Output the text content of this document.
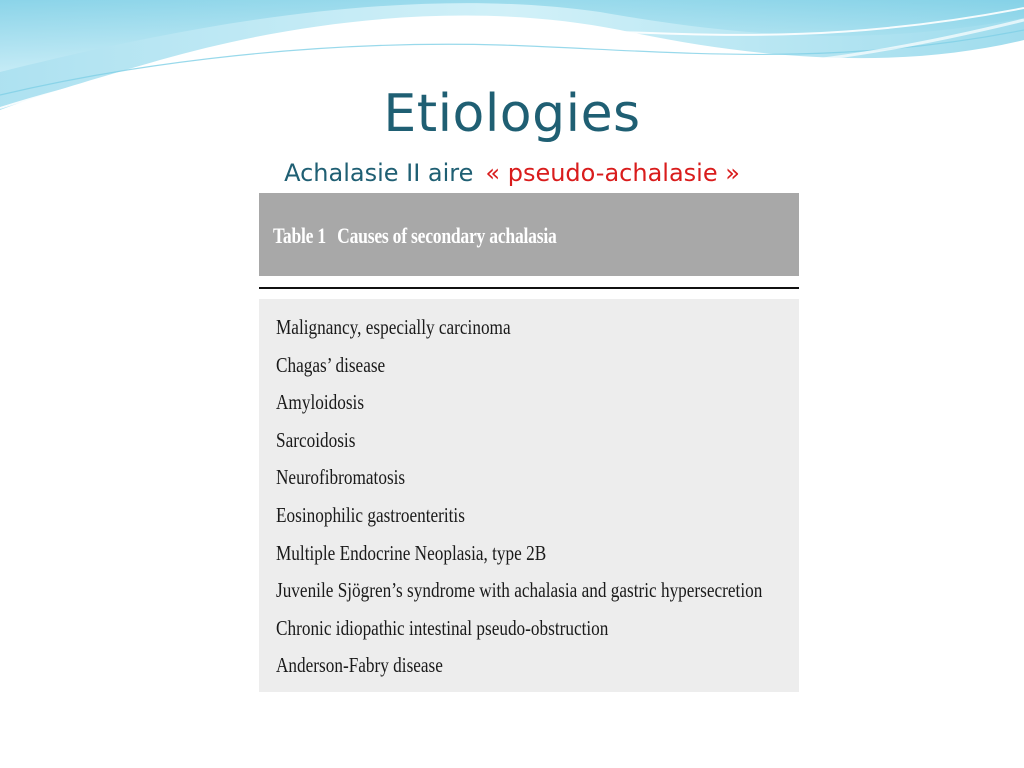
Etiologies
Achalasie II aire « pseudo-achalasie »
Table 1 Causes of secondary achalasia
Malignancy, especially carcinoma
Chagas’ disease
Amyloidosis
Sarcoidosis
Neurofibromatosis
Eosinophilic gastroenteritis
Multiple Endocrine Neoplasia, type 2B
Juvenile Sjögren’s syndrome with achalasia and gastric hypersecretion
Chronic idiopathic intestinal pseudo-obstruction
Anderson-Fabry disease
